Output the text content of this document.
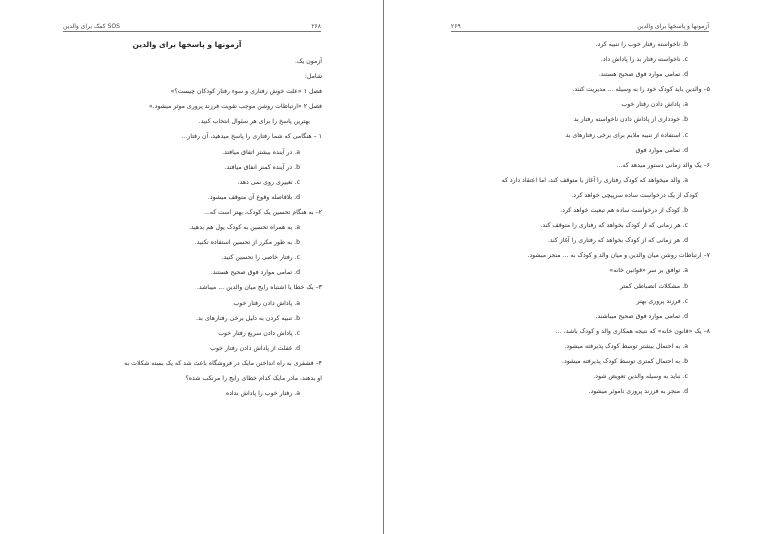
SOS کمک برای والدین	۲۶۸
آزمونها و پاسخها برای والدین
آزمون یک.
شامل:
فصل ۱ «علت خوش رفتاری و سوء رفتار کودکان چیست؟»
فصل ۲ «ارتباطات روشن موجب تقویت فرزند پروری موثر میشود.»
بهترین پاسخ را برای هر سئوال انتخاب کنید.
۱ – هنگامی که شما رفتاری را پاسخ میدهید، آن رفتار...
a. در آینده بیشتر اتفاق میافتد.
b. در آینده کمتر اتفاق میافتد.
c. تغییری روی نمی دهد.
d. بلافاصله وقوع آن متوقف میشود.
۲– به هنگام تحسین یک کودک، بهتر است که...
a. به همراه تحسین به کودک پول هم بدهید.
b. به طور مکرر از تحسین استفاده نکنید.
c. رفتار خاصی را تحسین کنید.
d. تمامی موارد فوق صحیح هستند.
۳– یک خطا یا اشتباه رایج میان والدین ... میباشد.
a. پاداش دادن رفتار خوب
b. تنبیه کردن به دلیل برخی رفتارهای بد.
c. پاداش دادن سریع رفتار خوب
d. غفلت از پاداش دادن رفتار خوب
۴– فشفری به راه انداختن مایک در فروشگاه باعث شد که یک بسته شکلات به
او بدهند. مادر مایک کدام خطای رایج را مرتکب شده؟
a. رفتار خوب را پاداش نداده
۲۶۹	آزمونها و پاسخها برای والدین
b. ناخواسته رفتار خوب را تنبیه کرد.
c. ناخواسته رفتار بد را پاداش داد.
d. تمامی موارد فوق صحیح هستند.
۵– والدین باید کودک خود را به وسیله ... مدیریت کنند.
a. پاداش دادن رفتار خوب
b. خودداری از پاداش دادن ناخواسته رفتار بد
c. استفاده از تنبیه ملایم برای برخی رفتارهای بد
d. تمامی موارد فوق
۶– یک والد زمانی دستور میدهد که...
a. والد میخواهد که کودک رفتاری را آغاز یا متوقف کند، اما اعتقاد دارد که
کودک از یک درخواست ساده سرپیچی خواهد کرد.
b. کودک از درخواست ساده هم تبعیت خواهد کرد.
c. هر زمانی که از کودک بخواهد که رفتاری را متوقف کند.
d. هر زمانی که از کودک بخواهد که رفتاری را آغاز کند.
۷– ارتباطات روشن میان والدین و میان والد و کودک به ... منجر میشود.
a. توافق بر سر «قوانین خانه»
b. مشکلات انضباطی کمتر
c. فرزند پروری بهتر
d. تمامی موارد فوق صحیح میباشند.
۸– یک «قانون خانه» که نتیجه همکاری والد و کودک باشد، ...
a. به احتمال بیشتر توسط کودک پذیرفته میشود.
b. به احتمال کمتری توسط کودک پذیرفته میشود.
c. نباید به وسیله والدین تعویض شود.
d. منجر به فرزند پروری ناموثر میشود.
